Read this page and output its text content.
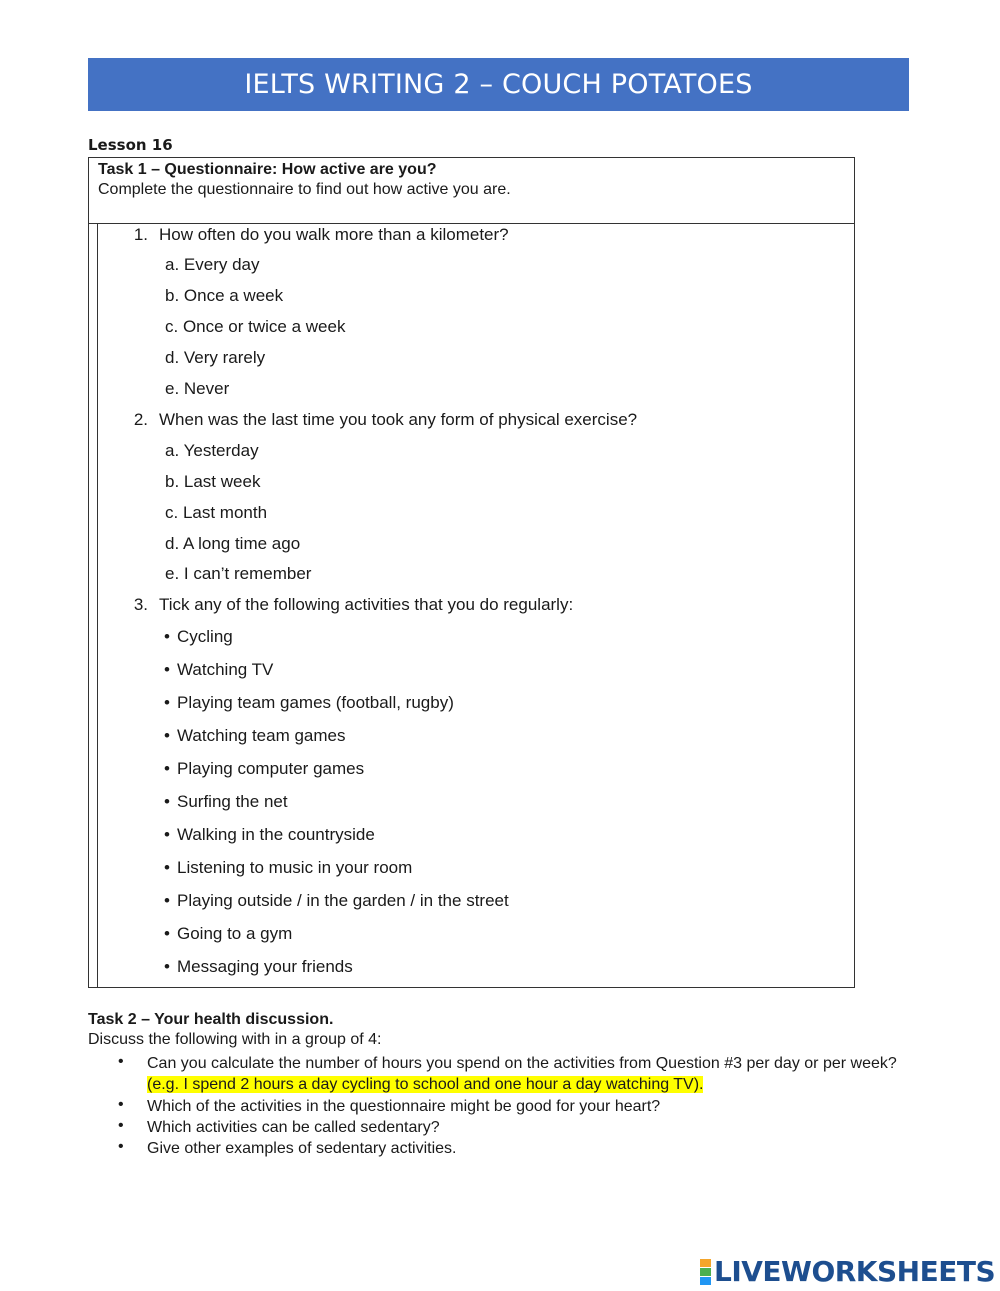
IELTS WRITING 2 – COUCH POTATOES
Lesson 16
Task 1 – Questionnaire: How active are you?
Complete the questionnaire to find out how active you are.
1. How often do you walk more than a kilometer?
a. Every day
b. Once a week
c. Once or twice a week
d. Very rarely
e. Never
2. When was the last time you took any form of physical exercise?
a. Yesterday
b. Last week
c. Last month
d. A long time ago
e. I can’t remember
3. Tick any of the following activities that you do regularly:
• Cycling
• Watching TV
• Playing team games (football, rugby)
• Watching team games
• Playing computer games
• Surfing the net
• Walking in the countryside
• Listening to music in your room
• Playing outside / in the garden / in the street
• Going to a gym
• Messaging your friends
Task 2 – Your health discussion.
Discuss the following with in a group of 4:
• Can you calculate the number of hours you spend on the activities from Question #3 per day or per week? (e.g. I spend 2 hours a day cycling to school and one hour a day watching TV).
• Which of the activities in the questionnaire might be good for your heart?
• Which activities can be called sedentary?
• Give other examples of sedentary activities.
LIVEWORKSHEETS
